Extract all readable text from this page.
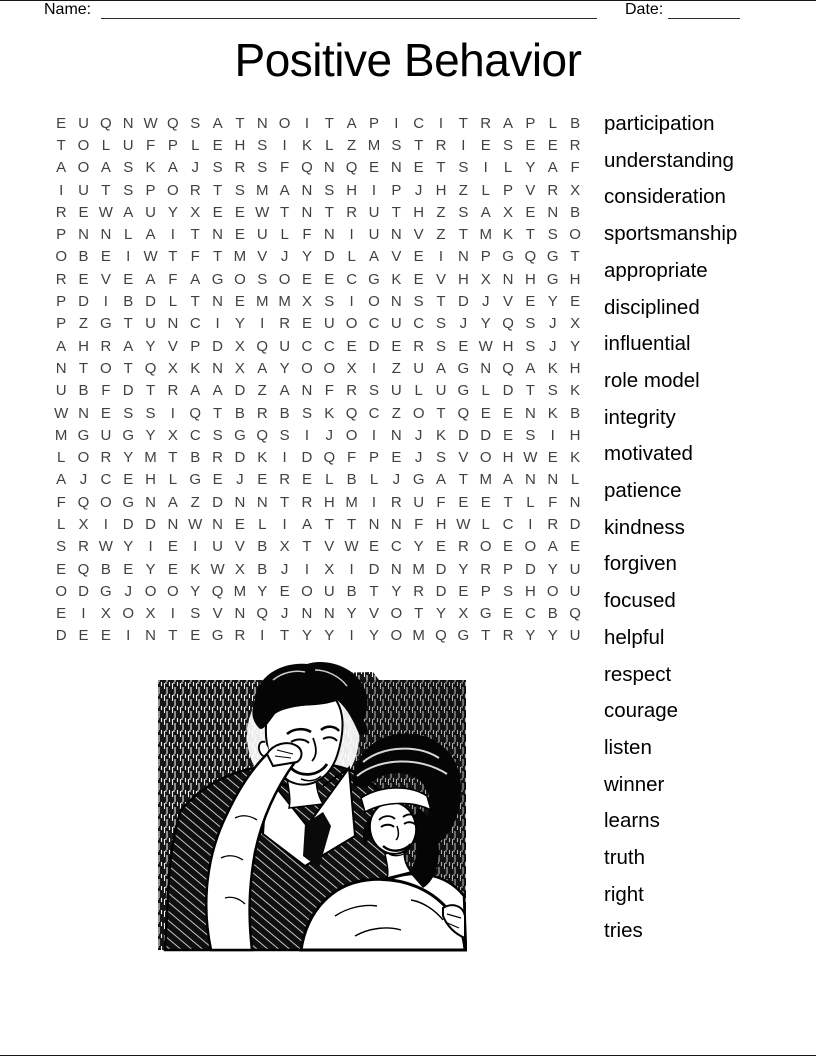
Name:	Date:
Positive Behavior
E U Q N W Q S A T N O I	T A P	I C I	T R A P L B
T O L U F P L E H S	I	K L Z M S T R I	E S E E R
A O A S K A J S R S F Q N Q E N E T S	I	L Y A F
I U T S P O R T S M A N S H I	P J H Z L P V R X
R E W A U Y X E E W T N T R U T H Z S A X E N B
P N N L A	I	T N E U L F N I U N V Z T M K T S O
O B E	I W T F T M V J Y D L A V E	I N P G Q G T
R E V E A F A G O S O E E C G K E V H X N H G H
P D I	B D L T N E M M X S	I O N S T D J V E Y E
P Z G T U N C I	Y	I R E U O C U C S J Y Q S J X
A H R A Y V P D X Q U C C E D E R S E W H S J Y
N T O T Q X K N X A Y O O X	I	Z U A G N Q A K H
U B F D T R A A D Z A N F R S U L U G L D T S K
W N E S S	I Q T B R B S K Q C Z O T Q E E N K B
M G U G Y X C S G Q S	I	J O I N J K D D E S	I H
L O R Y M T B R D K	I D Q F P E J S V O H W E K
A J C E H L G E J E R E L B L J G A T M A N N L
F Q O G N A Z D N N T R H M I R U F E E T L F N
L X	I D D N W N E L	I	A T T N N F H W L C I R D
S R W Y	I	E	I U V B X T V W E C Y E R O E O A E
E Q B E Y E K W X B J	I	X	I D N M D Y R P D Y U
O D G J O O Y Q M Y E O U B T Y R D E P S H O U
E	I	X O X	I	S V N Q J N N Y V O T Y X G E C B Q
D E E	I N T E G R I	T Y Y	I	Y O M Q G T R Y Y U
participation
understanding
consideration
sportsmanship
appropriate
disciplined
influential
role model
integrity
motivated
patience
kindness
forgiven
focused
helpful
respect
courage
listen
winner
learns
truth
right
tries
